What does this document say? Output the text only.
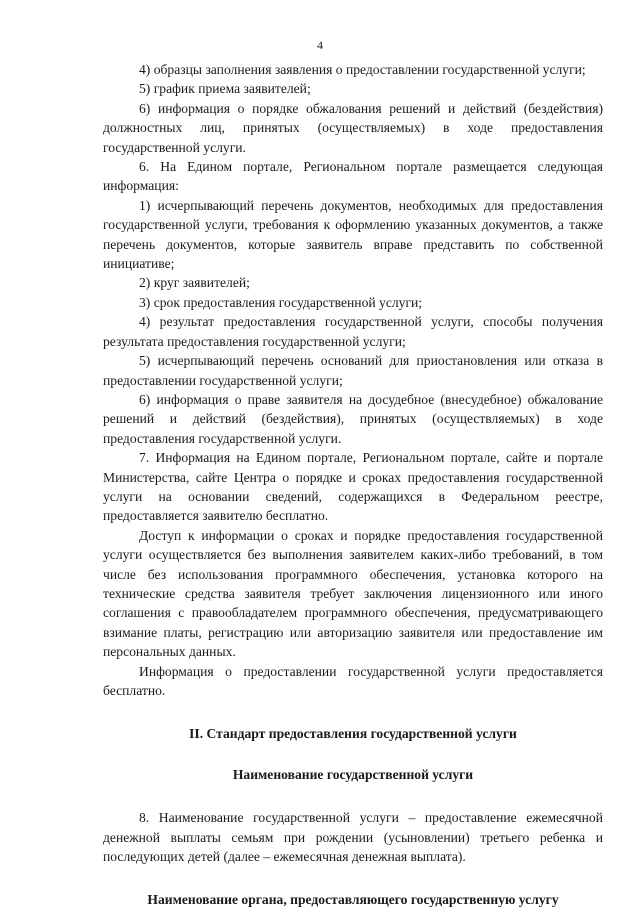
4

4) образцы заполнения заявления о предоставлении государственной услуги;

5) график приема заявителей;

6) информация о порядке обжалования решений и действий (бездействия) должностных лиц, принятых (осуществляемых) в ходе предоставления государственной услуги.

6. На Едином портале, Региональном портале размещается следующая информация:

1) исчерпывающий перечень документов, необходимых для предоставления государственной услуги, требования к оформлению указанных документов, а также перечень документов, которые заявитель вправе представить по собственной инициативе;

2) круг заявителей;

3) срок предоставления государственной услуги;

4) результат предоставления государственной услуги, способы получения результата предоставления государственной услуги;

5) исчерпывающий перечень оснований для приостановления или отказа в предоставлении государственной услуги;

6) информация о праве заявителя на досудебное (внесудебное) обжалование решений и действий (бездействия), принятых (осуществляемых) в ходе предоставления государственной услуги.

7. Информация на Едином портале, Региональном портале, сайте и портале Министерства, сайте Центра о порядке и сроках предоставления государственной услуги на основании сведений, содержащихся в Федеральном реестре, предоставляется заявителю бесплатно.

Доступ к информации о сроках и порядке предоставления государственной услуги осуществляется без выполнения заявителем каких-либо требований, в том числе без использования программного обеспечения, установка которого на технические средства заявителя требует заключения лицензионного или иного соглашения с правообладателем программного обеспечения, предусматривающего взимание платы, регистрацию или авторизацию заявителя или предоставление им персональных данных.

Информация о предоставлении государственной услуги предоставляется бесплатно.

II. Стандарт предоставления государственной услуги

Наименование государственной услуги

8. Наименование государственной услуги – предоставление ежемесячной денежной выплаты семьям при рождении (усыновлении) третьего ребенка и последующих детей (далее – ежемесячная денежная выплата).

Наименование органа, предоставляющего государственную услугу
